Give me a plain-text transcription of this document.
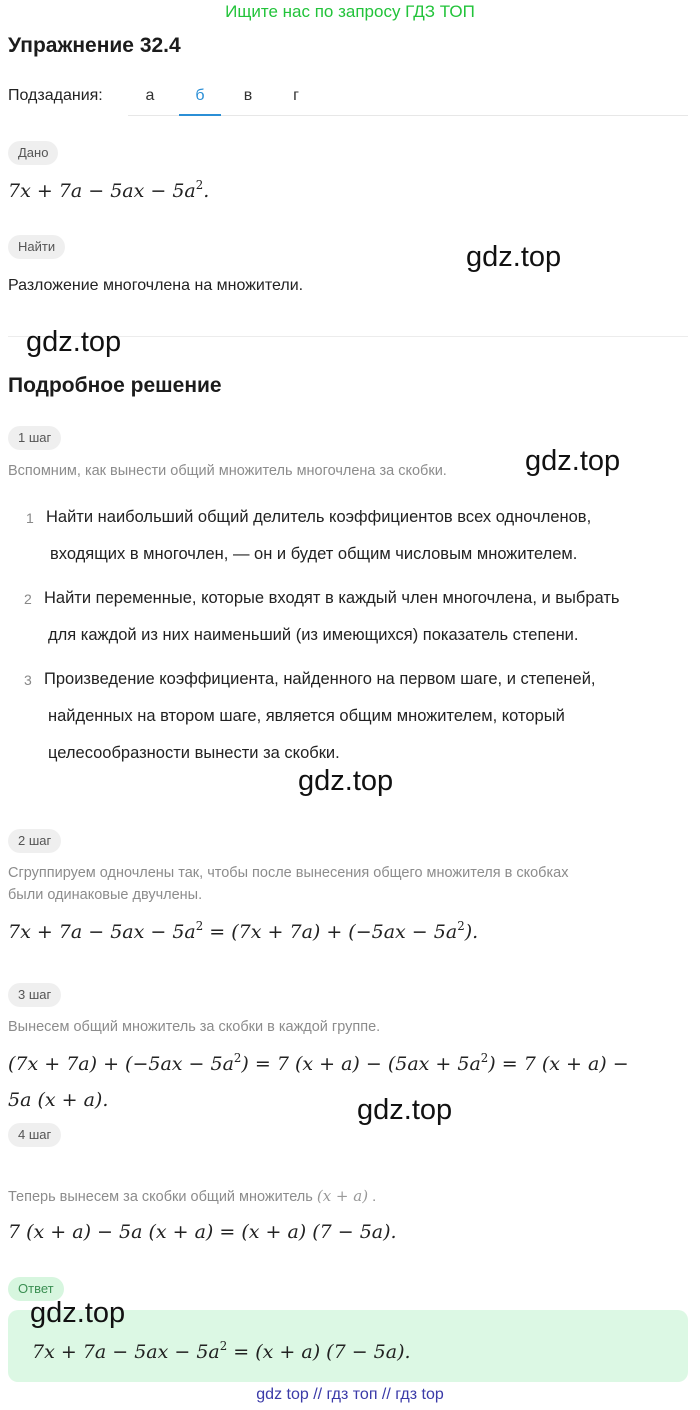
Ищите нас по запросу ГДЗ ТОП
Упражнение 32.4
Подзадания:	а	б	в	г
Дано
$7x + 7a - 5ax - 5a^2$.
Найти
Разложение многочлена на множители.
Подробное решение
1 шаг
Вспомним, как вынести общий множитель многочлена за скобки.
1 Найти наибольший общий делитель коэффициентов всех одночленов,
входящих в многочлен, — он и будет общим числовым множителем.
2 Найти переменные, которые входят в каждый член многочлена, и выбрать
для каждой из них наименьший (из имеющихся) показатель степени.
3 Произведение коэффициента, найденного на первом шаге, и степеней,
найденных на втором шаге, является общим множителем, который
целесообразности вынести за скобки.
2 шаг
Сгруппируем одночлены так, чтобы после вынесения общего множителя в скобках
были одинаковые двучлены.
$7x + 7a - 5ax - 5a^2 = (7x + 7a) + (-5ax - 5a^2)$.
3 шаг
Вынесем общий множитель за скобки в каждой группе.
$(7x + 7a) + (-5ax - 5a^2) = 7$ $(x + a) - (5ax + 5a^2) = 7$ (x + a) −
5a (x + a).
4 шаг
Теперь вынесем за скобки общий множитель (x + a) .
7 (x + a) − 5a (x + a) = (x + a) (7 − 5a).
Ответ
$7x + 7a - 5ax - 5a^2 = (x + a) (7 - 5a)$.
gdz.top
gdz.top
gdz.top
gdz.top
gdz.top
gdz.top
gdz top // гдз топ // гдз top
